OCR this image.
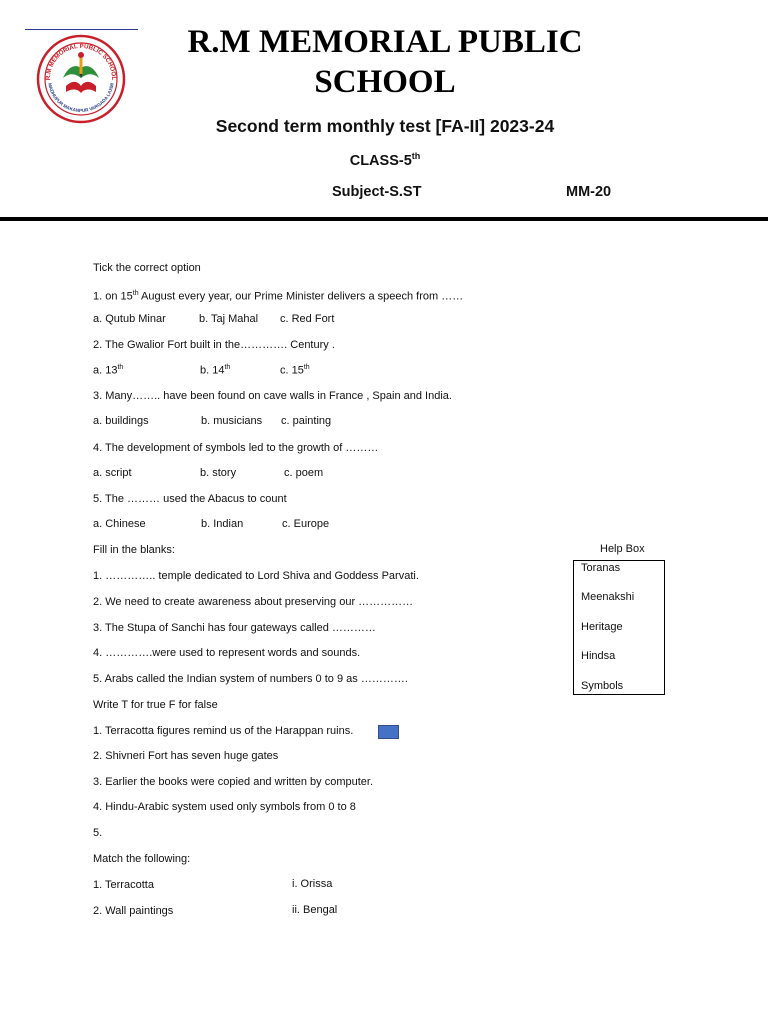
R.M MEMORIAL PUBLIC SCHOOL
MADHUPUR MAKANPUR VARGADA LAXMI
R.M MEMORIAL PUBLIC
SCHOOL
Second term monthly test [FA-II] 2023-24
CLASS-5th
Subject-S.ST	MM-20
Tick the correct option
1. on 15th August every year, our Prime Minister delivers a speech from ……
a. Qutub Minar	b. Taj Mahal c. Red Fort
2. The Gwalior Fort built in the…………. Century .
a. 13th	b. 14th	c. 15th
3. Many…….. have been found on cave walls in France , Spain and India.
a. buildings	b. musicians c. painting
4. The development of symbols led to the growth of ………
a. script	b. story	c. poem
5. The ……… used the Abacus to count
a. Chinese	b. Indian	c. Europe
Fill in the blanks:
1. ………….. temple dedicated to Lord Shiva and Goddess Parvati.
2. We need to create awareness about preserving our ……………
3. The Stupa of Sanchi has four gateways called …………
4. ………….were used to represent words and sounds.
5. Arabs called the Indian system of numbers 0 to 9 as ………….
Help Box
Toranas
Meenakshi
Heritage
Hindsa
Symbols
Write T for true F for false
1. Terracotta figures remind us of the Harappan ruins.
2. Shivneri Fort has seven huge gates
3. Earlier the books were copied and written by computer.
4. Hindu-Arabic system used only symbols from 0 to 8
5.
Match the following:
1. Terracotta	i. Orissa
2. Wall paintings	ii. Bengal
